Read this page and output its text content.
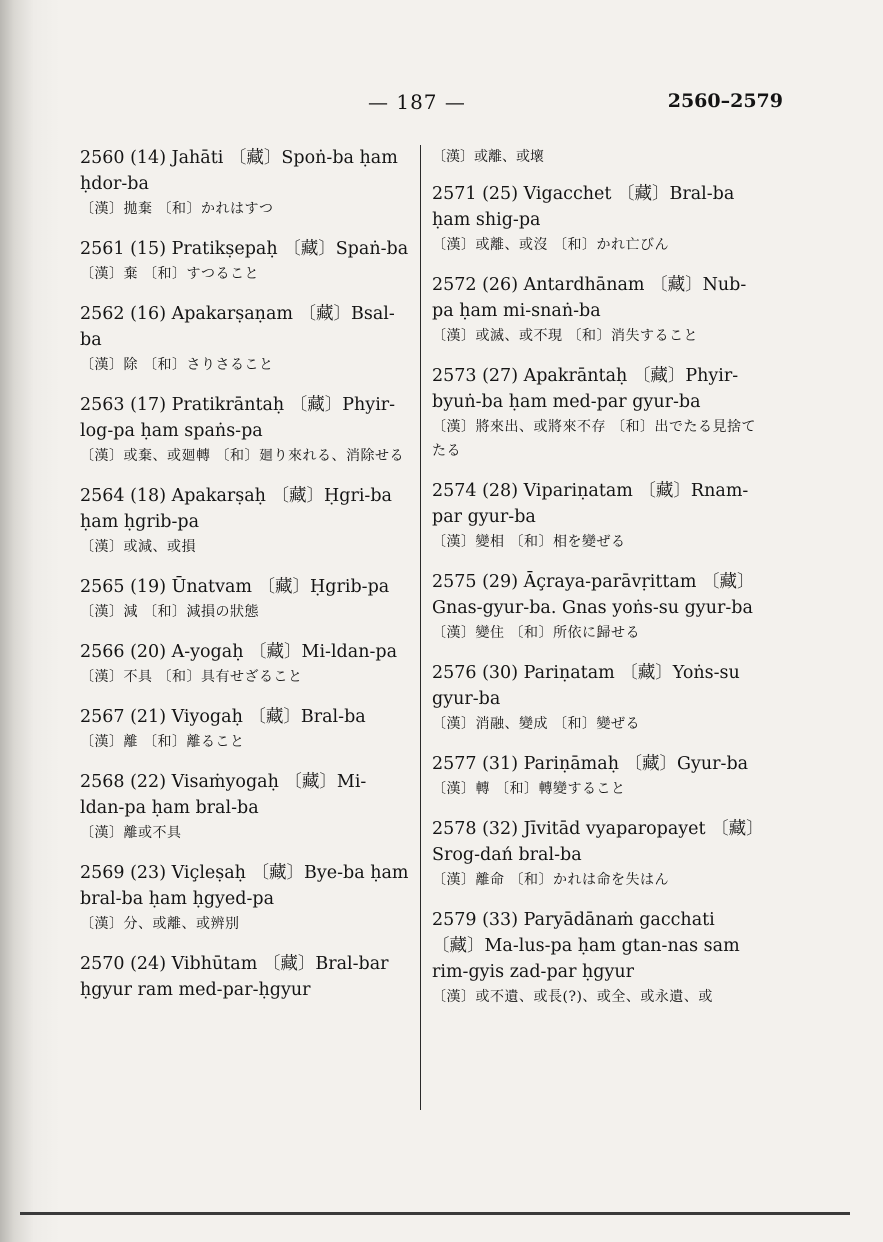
— 187 —	2560–2579
2560 (14) Jahāti 〔藏〕Spoṅ-ba ḥam ḥdor-ba
〔漢〕拋棄 〔和〕かれはすつ
2561 (15) Pratikṣepaḥ 〔藏〕Spaṅ-ba
〔漢〕棄 〔和〕すつること
2562 (16) Apakarṣaṇam 〔藏〕Bsal-ba
〔漢〕除 〔和〕さりさること
2563 (17) Pratikrāntaḥ 〔藏〕Phyir-log-pa ḥam spaṅs-pa
〔漢〕或棄、或廻轉 〔和〕廻り來れる、消除せる
2564 (18) Apakarṣaḥ 〔藏〕Ḥgri-ba ḥam ḥgrib-pa
〔漢〕或減、或損
2565 (19) Ūnatvam 〔藏〕Ḥgrib-pa
〔漢〕減 〔和〕減損の狀態
2566 (20) A-yogaḥ 〔藏〕Mi-ldan-pa
〔漢〕不具 〔和〕具有せざること
2567 (21) Viyogaḥ 〔藏〕Bral-ba
〔漢〕離 〔和〕離ること
2568 (22) Visaṁyogaḥ 〔藏〕Mi-ldan-pa ḥam bral-ba
〔漢〕離或不具
2569 (23) Viçleṣaḥ 〔藏〕Bye-ba ḥam bral-ba ḥam ḥgyed-pa
〔漢〕分、或離、或辨別
2570 (24) Vibhūtam 〔藏〕Bral-bar ḥgyur ram med-par-ḥgyur
〔漢〕或離、或壞
2571 (25) Vigacchet 〔藏〕Bral-ba ḥam shig-pa
〔漢〕或離、或沒 〔和〕かれ亡びん
2572 (26) Antardhānam 〔藏〕Nub-pa ḥam mi-snaṅ-ba
〔漢〕或滅、或不現 〔和〕消失すること
2573 (27) Apakrāntaḥ 〔藏〕Phyir-byuṅ-ba ḥam med-par gyur-ba
〔漢〕將來出、或將來不存 〔和〕出でたる見捨てたる
2574 (28) Vipariṇatam 〔藏〕Rnam-par gyur-ba
〔漢〕變相 〔和〕相を變ぜる
2575 (29) Āçraya-parāvṛittam 〔藏〕Gnas-gyur-ba. Gnas yoṅs-su gyur-ba
〔漢〕變住 〔和〕所依に歸せる
2576 (30) Pariṇatam 〔藏〕Yoṅs-su gyur-ba
〔漢〕消融、變成 〔和〕變ぜる
2577 (31) Pariṇāmaḥ 〔藏〕Gyur-ba
〔漢〕轉 〔和〕轉變すること
2578 (32) Jīvitād vyaparopayet 〔藏〕Srog-dań bral-ba
〔漢〕離命 〔和〕かれは命を失はん
2579 (33) Paryādānaṁ gacchati 〔藏〕Ma-lus-pa ḥam gtan-nas sam rim-gyis zad-par ḥgyur
〔漢〕或不遺、或長(?)、或全、或永遺、或
